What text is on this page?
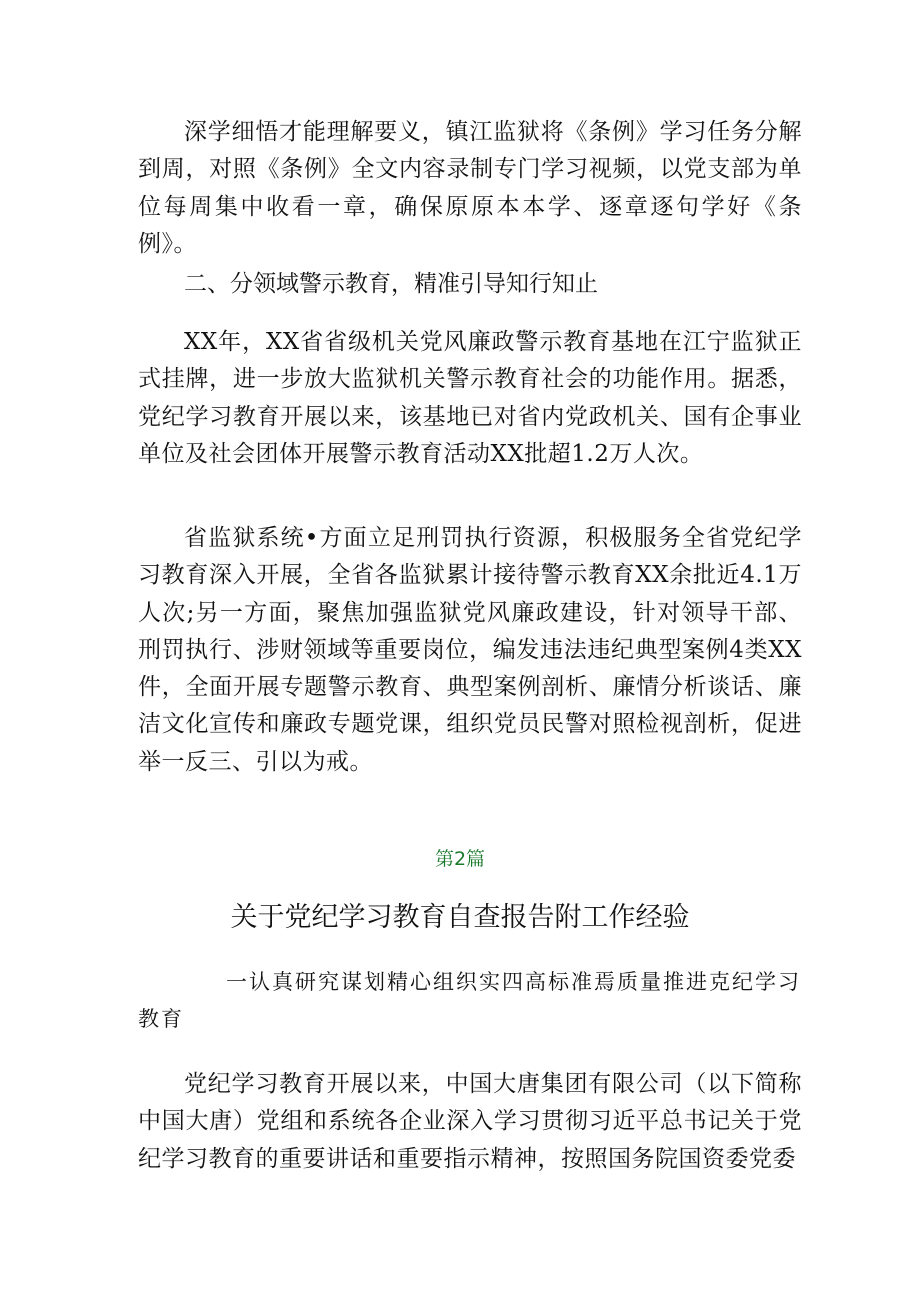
深学细悟才能理解要义，镇江监狱将《条例》学习任务分解到周，对照《条例》全文内容录制专门学习视频，以党支部为单位每周集中收看一章，确保原原本本学、逐章逐句学好《条例》。

二、分领域警示教育，精准引导知行知止

XX年，XX省省级机关党风廉政警示教育基地在江宁监狱正式挂牌，进一步放大监狱机关警示教育社会的功能作用。据悉，党纪学习教育开展以来，该基地已对省内党政机关、国有企事业单位及社会团体开展警示教育活动XX批超1.2万人次。

省监狱系统•方面立足刑罚执行资源，积极服务全省党纪学习教育深入开展，全省各监狱累计接待警示教育XX余批近4.1万人次;另一方面，聚焦加强监狱党风廉政建设，针对领导干部、刑罚执行、涉财领域等重要岗位，编发违法违纪典型案例4类XX件，全面开展专题警示教育、典型案例剖析、廉情分析谈话、廉洁文化宣传和廉政专题党课，组织党员民警对照检视剖析，促进举一反三、引以为戒。

第2篇
关于党纪学习教育自查报告附工作经验

一认真研究谋划精心组织实四高标准焉质量推进克纪学习教育

党纪学习教育开展以来，中国大唐集团有限公司（以下简称中国大唐）党组和系统各企业深入学习贯彻习近平总书记关于党纪学习教育的重要讲话和重要指示精神，按照国务院国资委党委
